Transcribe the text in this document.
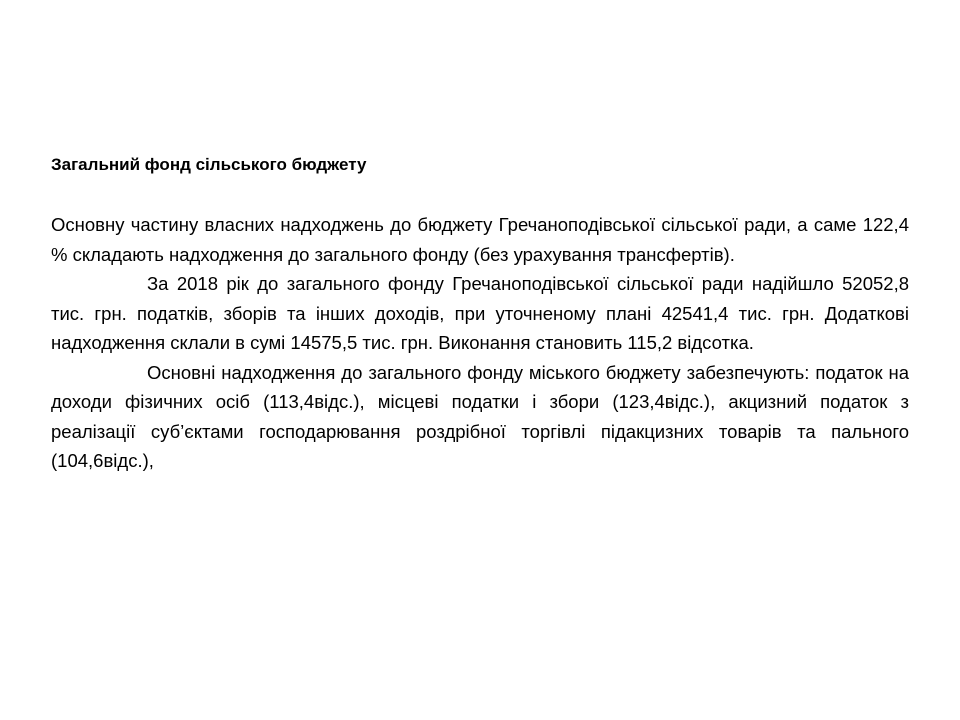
Загальний фонд сільського бюджету

Основну частину власних надходжень до бюджету Гречаноподівської сільської ради, а саме 122,4 % складають надходження до загального фонду (без урахування трансфертів).

За 2018 рік до загального фонду Гречаноподівської сільської ради надійшло 52052,8 тис. грн. податків, зборів та інших доходів, при уточненому плані 42541,4 тис. грн. Додаткові надходження склали в сумі 14575,5 тис. грн. Виконання становить 115,2 відсотка.

Основні надходження до загального фонду міського бюджету забезпечують: податок на доходи фізичних осіб (113,4відс.), місцеві податки і збори (123,4відс.), акцизний податок з реалізації суб’єктами господарювання роздрібної торгівлі підакцизних товарів та пального (104,6відс.),
